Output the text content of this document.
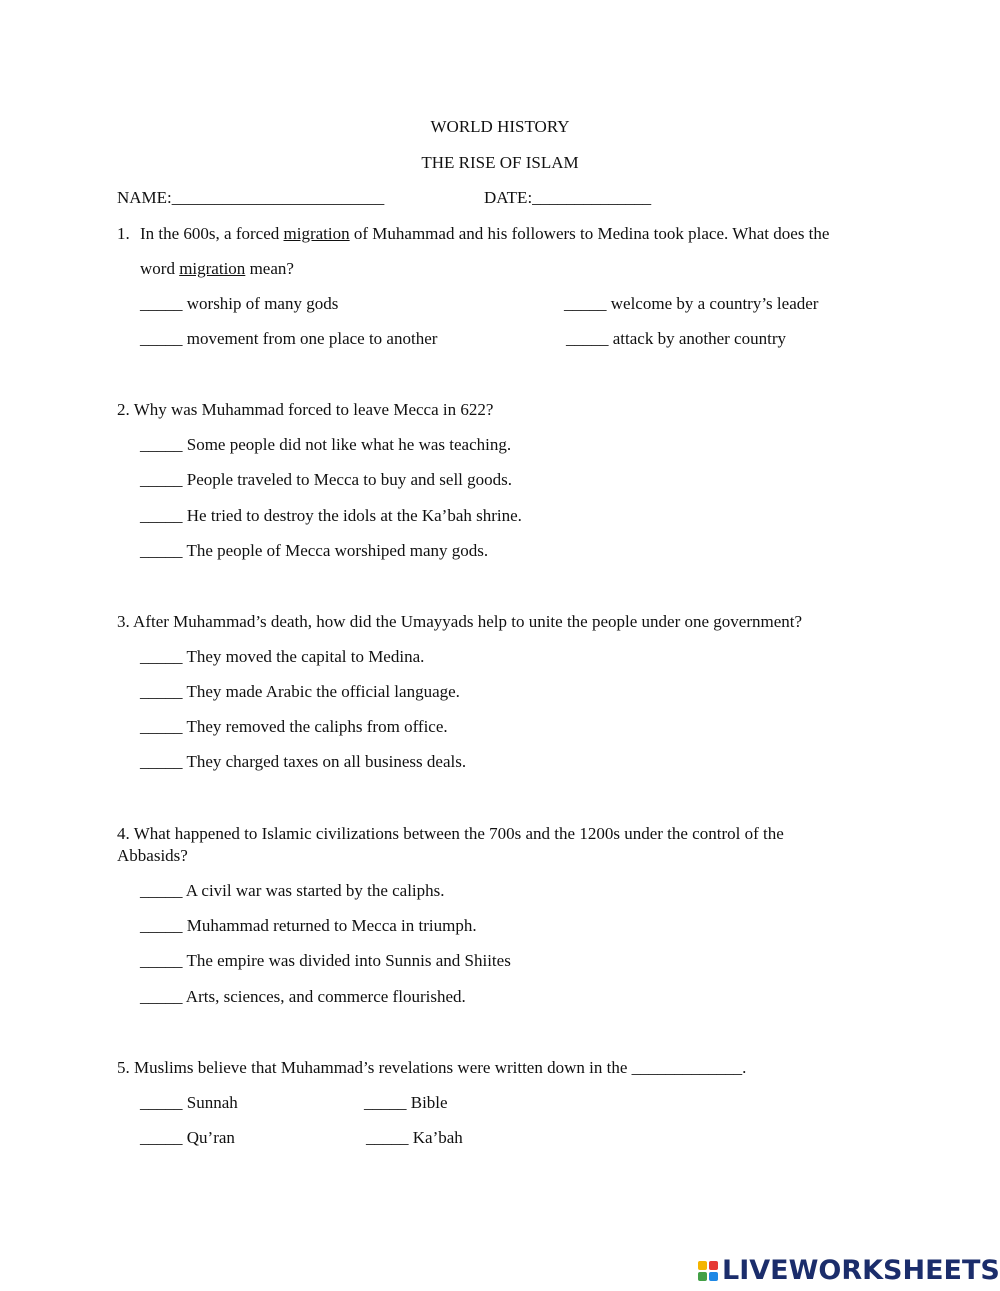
WORLD HISTORY
THE RISE OF ISLAM
NAME:_________________________	DATE:______________
1. In the 600s, a forced migration of Muhammad and his followers to Medina took place. What does the
word migration mean?
_____ worship of many gods	_____ welcome by a country’s leader
_____ movement from one place to another	_____ attack by another country
2. Why was Muhammad forced to leave Mecca in 622?
_____ Some people did not like what he was teaching.
_____ People traveled to Mecca to buy and sell goods.
_____ He tried to destroy the idols at the Ka’bah shrine.
_____ The people of Mecca worshiped many gods.
3. After Muhammad’s death, how did the Umayyads help to unite the people under one government?
_____ They moved the capital to Medina.
_____ They made Arabic the official language.
_____ They removed the caliphs from office.
_____ They charged taxes on all business deals.
4. What happened to Islamic civilizations between the 700s and the 1200s under the control of the
Abbasids?
_____ A civil war was started by the caliphs.
_____ Muhammad returned to Mecca in triumph.
_____ The empire was divided into Sunnis and Shiites
_____ Arts, sciences, and commerce flourished.
5. Muslims believe that Muhammad’s revelations were written down in the _____________.
_____ Sunnah	_____ Bible
_____ Qu’ran	_____ Ka’bah
LIVEWORKSHEETS
